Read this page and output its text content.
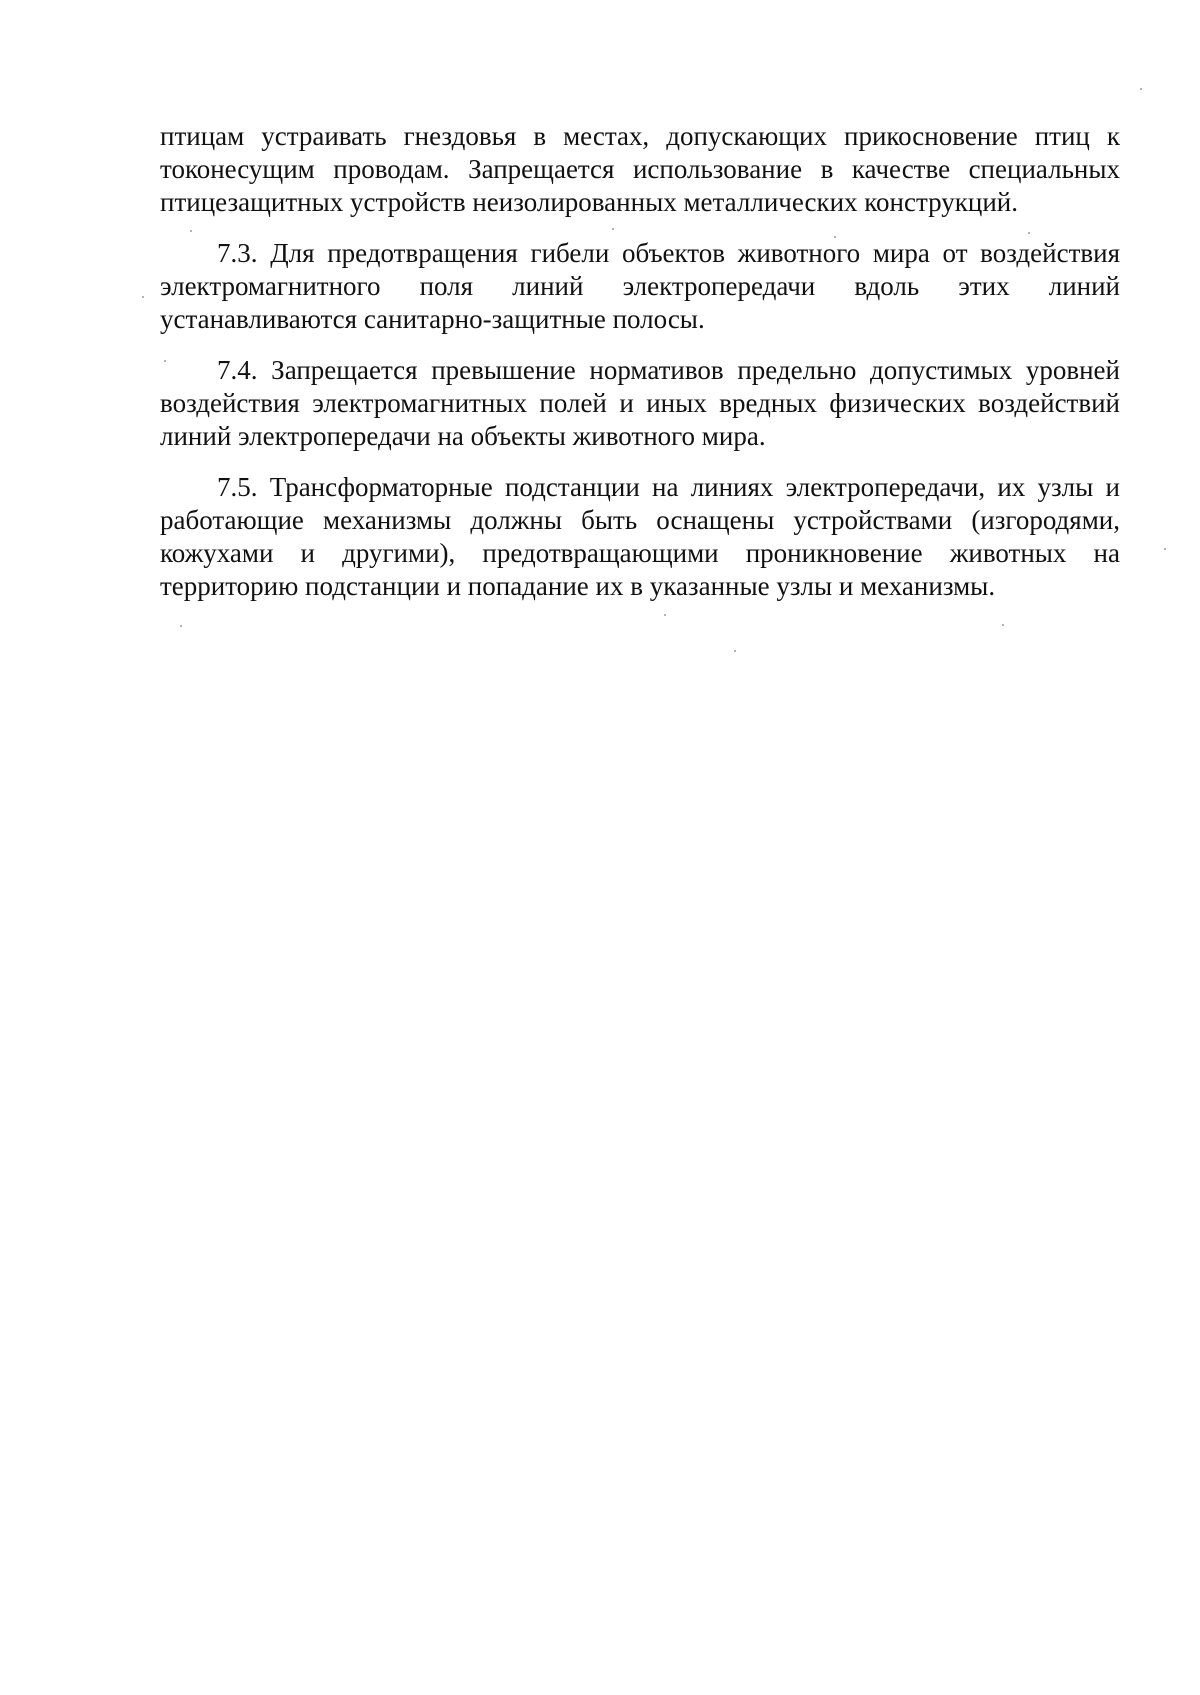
птицам устраивать гнездовья в местах, допускающих прикосновение птиц к токонесущим проводам. Запрещается использование в качестве специальных птицезащитных устройств неизолированных металлических конструкций.

7.3. Для предотвращения гибели объектов животного мира от воздействия электромагнитного поля линий электропередачи вдоль этих линий устанавливаются санитарно-защитные полосы.

7.4. Запрещается превышение нормативов предельно допустимых уровней воздействия электромагнитных полей и иных вредных физических воздействий линий электропередачи на объекты животного мира.

7.5. Трансформаторные подстанции на линиях электропередачи, их узлы и работающие механизмы должны быть оснащены устройствами (изгородями, кожухами и другими), предотвращающими проникновение животных на территорию подстанции и попадание их в указанные узлы и механизмы.
